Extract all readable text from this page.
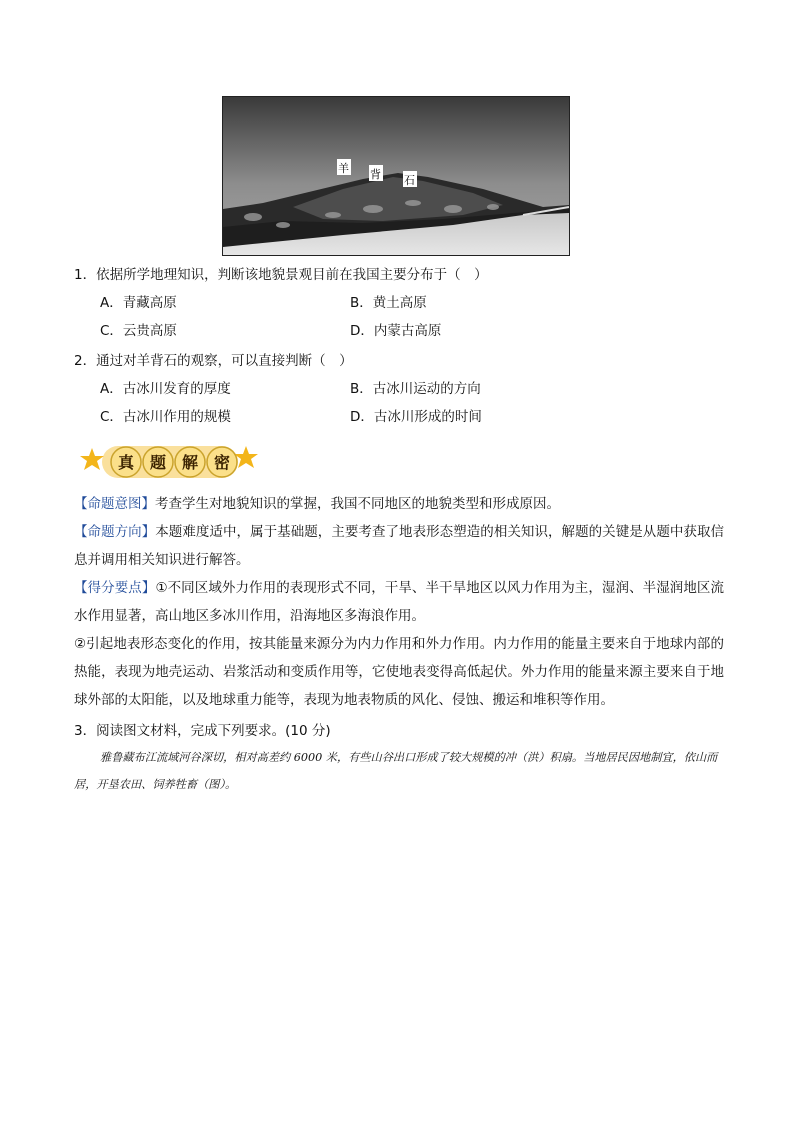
羊 背 石
1．依据所学地理知识，判断该地貌景观目前在我国主要分布于（　）
A．青藏高原	B．黄土高原
C．云贵高原	D．内蒙古高原
2．通过对羊背石的观察，可以直接判断（　）
A．古冰川发育的厚度	B．古冰川运动的方向
C．古冰川作用的规模	D．古冰川形成的时间
真 题 解 密
【命题意图】考查学生对地貌知识的掌握，我国不同地区的地貌类型和形成原因。
【命题方向】本题难度适中，属于基础题，主要考查了地表形态塑造的相关知识，解题的关键是从题中获取信息并调用相关知识进行解答。
【得分要点】①不同区域外力作用的表现形式不同，干旱、半干旱地区以风力作用为主，湿润、半湿润地区流水作用显著，高山地区多冰川作用，沿海地区多海浪作用。
②引起地表形态变化的作用，按其能量来源分为内力作用和外力作用。内力作用的能量主要来自于地球内部的热能，表现为地壳运动、岩浆活动和变质作用等，它使地表变得高低起伏。外力作用的能量来源主要来自于地球外部的太阳能，以及地球重力能等，表现为地表物质的风化、侵蚀、搬运和堆积等作用。
3．阅读图文材料，完成下列要求。(10 分)
雅鲁藏布江流域河谷深切，相对高差约 6000 米，有些山谷出口形成了较大规模的冲（洪）积扇。当地居民因地制宜，依山而居，开垦农田、饲养牲畜（图）。
